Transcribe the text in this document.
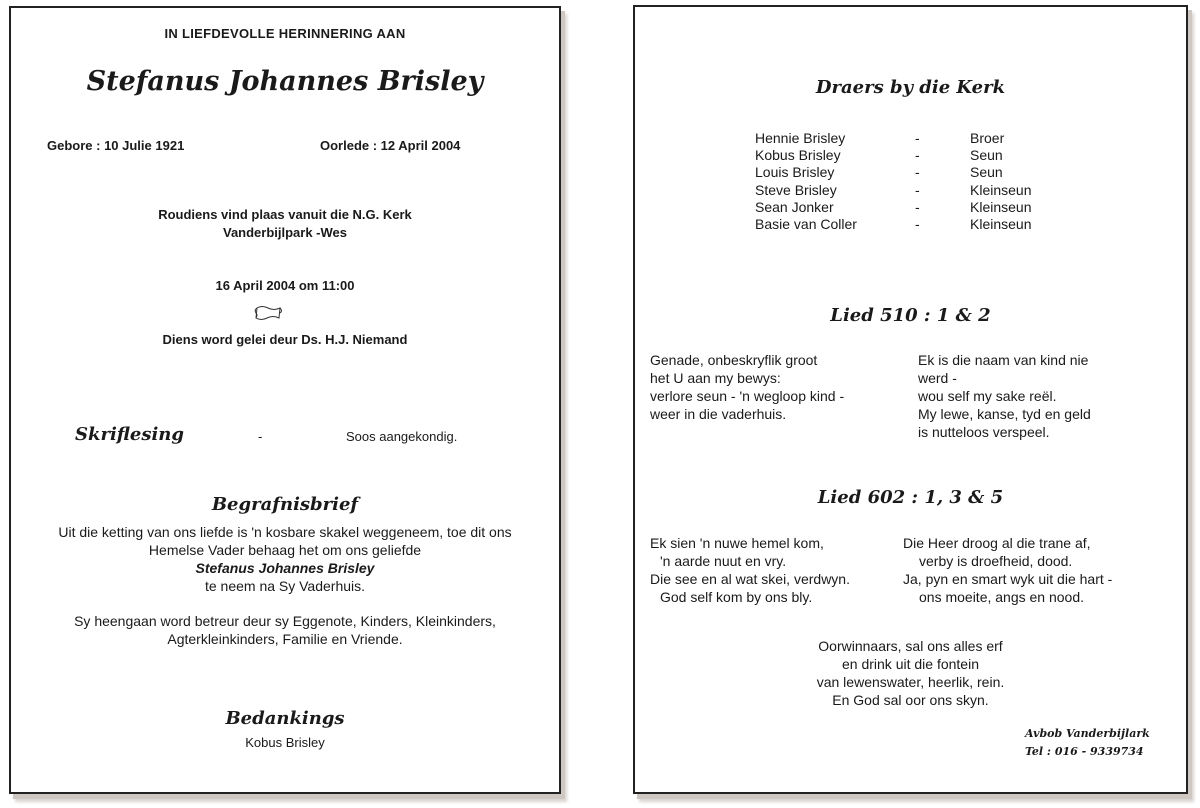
IN LIEFDEVOLLE HERINNERING AAN
Stefanus Johannes Brisley
Gebore : 10 Julie 1921	Oorlede : 12 April 2004
Roudiens vind plaas vanuit die N.G. Kerk
Vanderbijlpark -Wes
16 April 2004 om 11:00
Diens word gelei deur Ds. H.J. Niemand
Skriflesing	-	Soos aangekondig.
Begrafnisbrief

Uit die ketting van ons liefde is 'n kosbare skakel weggeneem, toe dit ons

Hemelse Vader behaag het om ons geliefde

Stefanus Johannes Brisley

te neem na Sy Vaderhuis.

Sy heengaan word betreur deur sy Eggenote, Kinders, Kleinkinders,

Agterkleinkinders, Familie en Vriende.

Bedankings
Kobus Brisley
Draers by die Kerk
Hennie Brisley	-	Broer
Kobus Brisley	-	Seun
Louis Brisley	-	Seun
Steve Brisley	-	Kleinseun
Sean Jonker	-	Kleinseun
Basie van Coller	-	Kleinseun
Lied 510 : 1 & 2

Genade, onbeskryflik groot

het U aan my bewys:

verlore seun - 'n wegloop kind -

weer in die vaderhuis.

Ek is die naam van kind nie

werd -

wou self my sake reël.

My lewe, kanse, tyd en geld

is nutteloos verspeel.

Lied 602 : 1, 3 & 5

Ek sien 'n nuwe hemel kom,

'n aarde nuut en vry.

Die see en al wat skei, verdwyn.

God self kom by ons bly.

Die Heer droog al die trane af,

verby is droefheid, dood.

Ja, pyn en smart wyk uit die hart -

ons moeite, angs en nood.

Oorwinnaars, sal ons alles erf

en drink uit die fontein

van lewenswater, heerlik, rein.

En God sal oor ons skyn.

Avbob Vanderbijlark
Tel : 016 - 9339734
